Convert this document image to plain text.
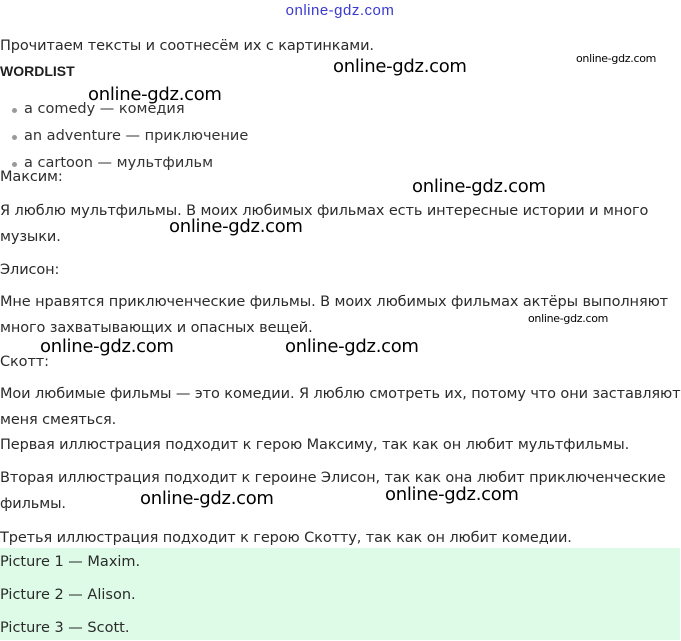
online-gdz.com
Прочитаем тексты и соотнесём их с картинками.
WORDLIST
a comedy — комедия
an adventure — приключение
a cartoon — мультфильм
Максим:
Я люблю мультфильмы. В моих любимых фильмах есть интересные истории и много
музыки.
Элисон:
Мне нравятся приключенческие фильмы. В моих любимых фильмах актёры выполняют
много захватывающих и опасных вещей.
Скотт:
Мои любимые фильмы — это комедии. Я люблю смотреть их, потому что они заставляют
меня смеяться.
Первая иллюстрация подходит к герою Максиму, так как он любит мультфильмы.
Вторая иллюстрация подходит к героине Элисон, так как она любит приключенческие
фильмы.
Третья иллюстрация подходит к герою Скотту, так как он любит комедии.
Picture 1 — Maxim.
Picture 2 — Alison.
Picture 3 — Scott.
online-gdz.com	online-gdz.com
online-gdz.com
online-gdz.com
online-gdz.com
online-gdz.com
online-gdz.com	online-gdz.com
online-gdz.com	online-gdz.com
